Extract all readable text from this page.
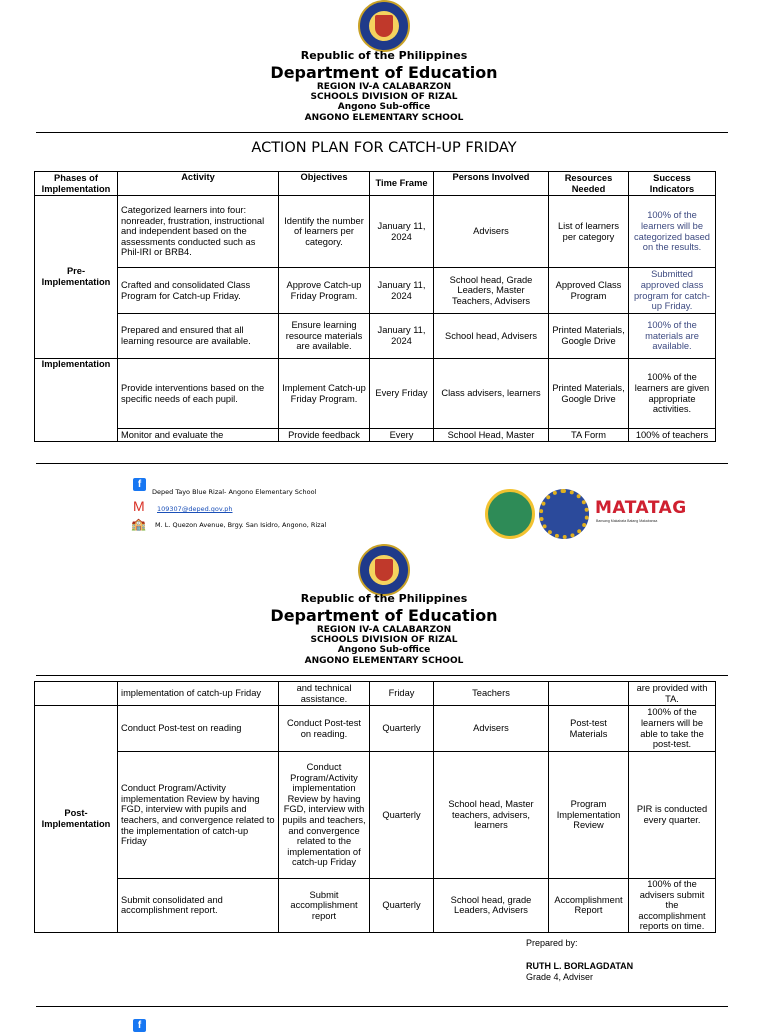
Republic of the Philippines
Department of Education
REGION IV-A CALABARZON
SCHOOLS DIVISION OF RIZAL
Angono Sub-office
ANGONO ELEMENTARY SCHOOL
ACTION PLAN FOR CATCH-UP FRIDAY
Phases of Implementation	Activity	Objectives	Time Frame	Persons Involved	Resources Needed	Success Indicators
Pre-
Implementation	Categorized learners into four: nonreader, frustration, instructional and independent based on the assessments conducted such as Phil-IRI or BRB4.	Identify the number of learners per category.	January 11, 2024	Advisers	List of learners per category	100% of the learners will be categorized based on the results.
	Crafted and consolidated Class Program for Catch-up Friday.	Approve Catch-up Friday Program.	January 11, 2024	School head, Grade Leaders, Master Teachers, Advisers	Approved Class Program	Submitted approved class program for catch-up Friday.
	Prepared and ensured that all learning resource are available.	Ensure learning resource materials are available.	January 11, 2024	School head, Advisers	Printed Materials, Google Drive	100% of the materials are available.
Implementation	Provide interventions based on the specific needs of each pupil.	Implement Catch-up Friday Program.	Every Friday	Class advisers, learners	Printed Materials, Google Drive	100% of the learners are given appropriate activities.
	Monitor and evaluate the	Provide feedback	Every	School Head, Master	TA Form	100% of teachers
f
Deped Tayo Blue Rizal- Angono Elementary School
M 109307@deped.gov.ph
🏫 M. L. Quezon Avenue, Brgy. San Isidro, Angono, Rizal
MATATAG
Bansang Makabata Batang Makabansa
Republic of the Philippines
Department of Education
REGION IV-A CALABARZON
SCHOOLS DIVISION OF RIZAL
Angono Sub-office
ANGONO ELEMENTARY SCHOOL
	implementation of catch-up Friday	and technical assistance.	Friday	Teachers		are provided with TA.
Post-
Implementation	Conduct Post-test on reading	Conduct Post-test on reading.	Quarterly	Advisers	Post-test Materials	100% of the learners will be able to take the post-test.
	Conduct Program/Activity implementation Review by having FGD, interview with pupils and teachers, and convergence related to the implementation of catch-up Friday	Conduct Program/Activity implementation Review by having FGD, interview with pupils and teachers, and convergence related to the implementation of catch-up Friday	Quarterly	School head, Master teachers, advisers, learners	Program Implementation Review	PIR is conducted every quarter.
	Submit consolidated and accomplishment report.	Submit accomplishment report	Quarterly	School head, grade Leaders, Advisers	Accomplishment Report	100% of the advisers submit the accomplishment reports on time.
Prepared by:
RUTH L. BORLAGDATAN
Grade 4, Adviser
f
